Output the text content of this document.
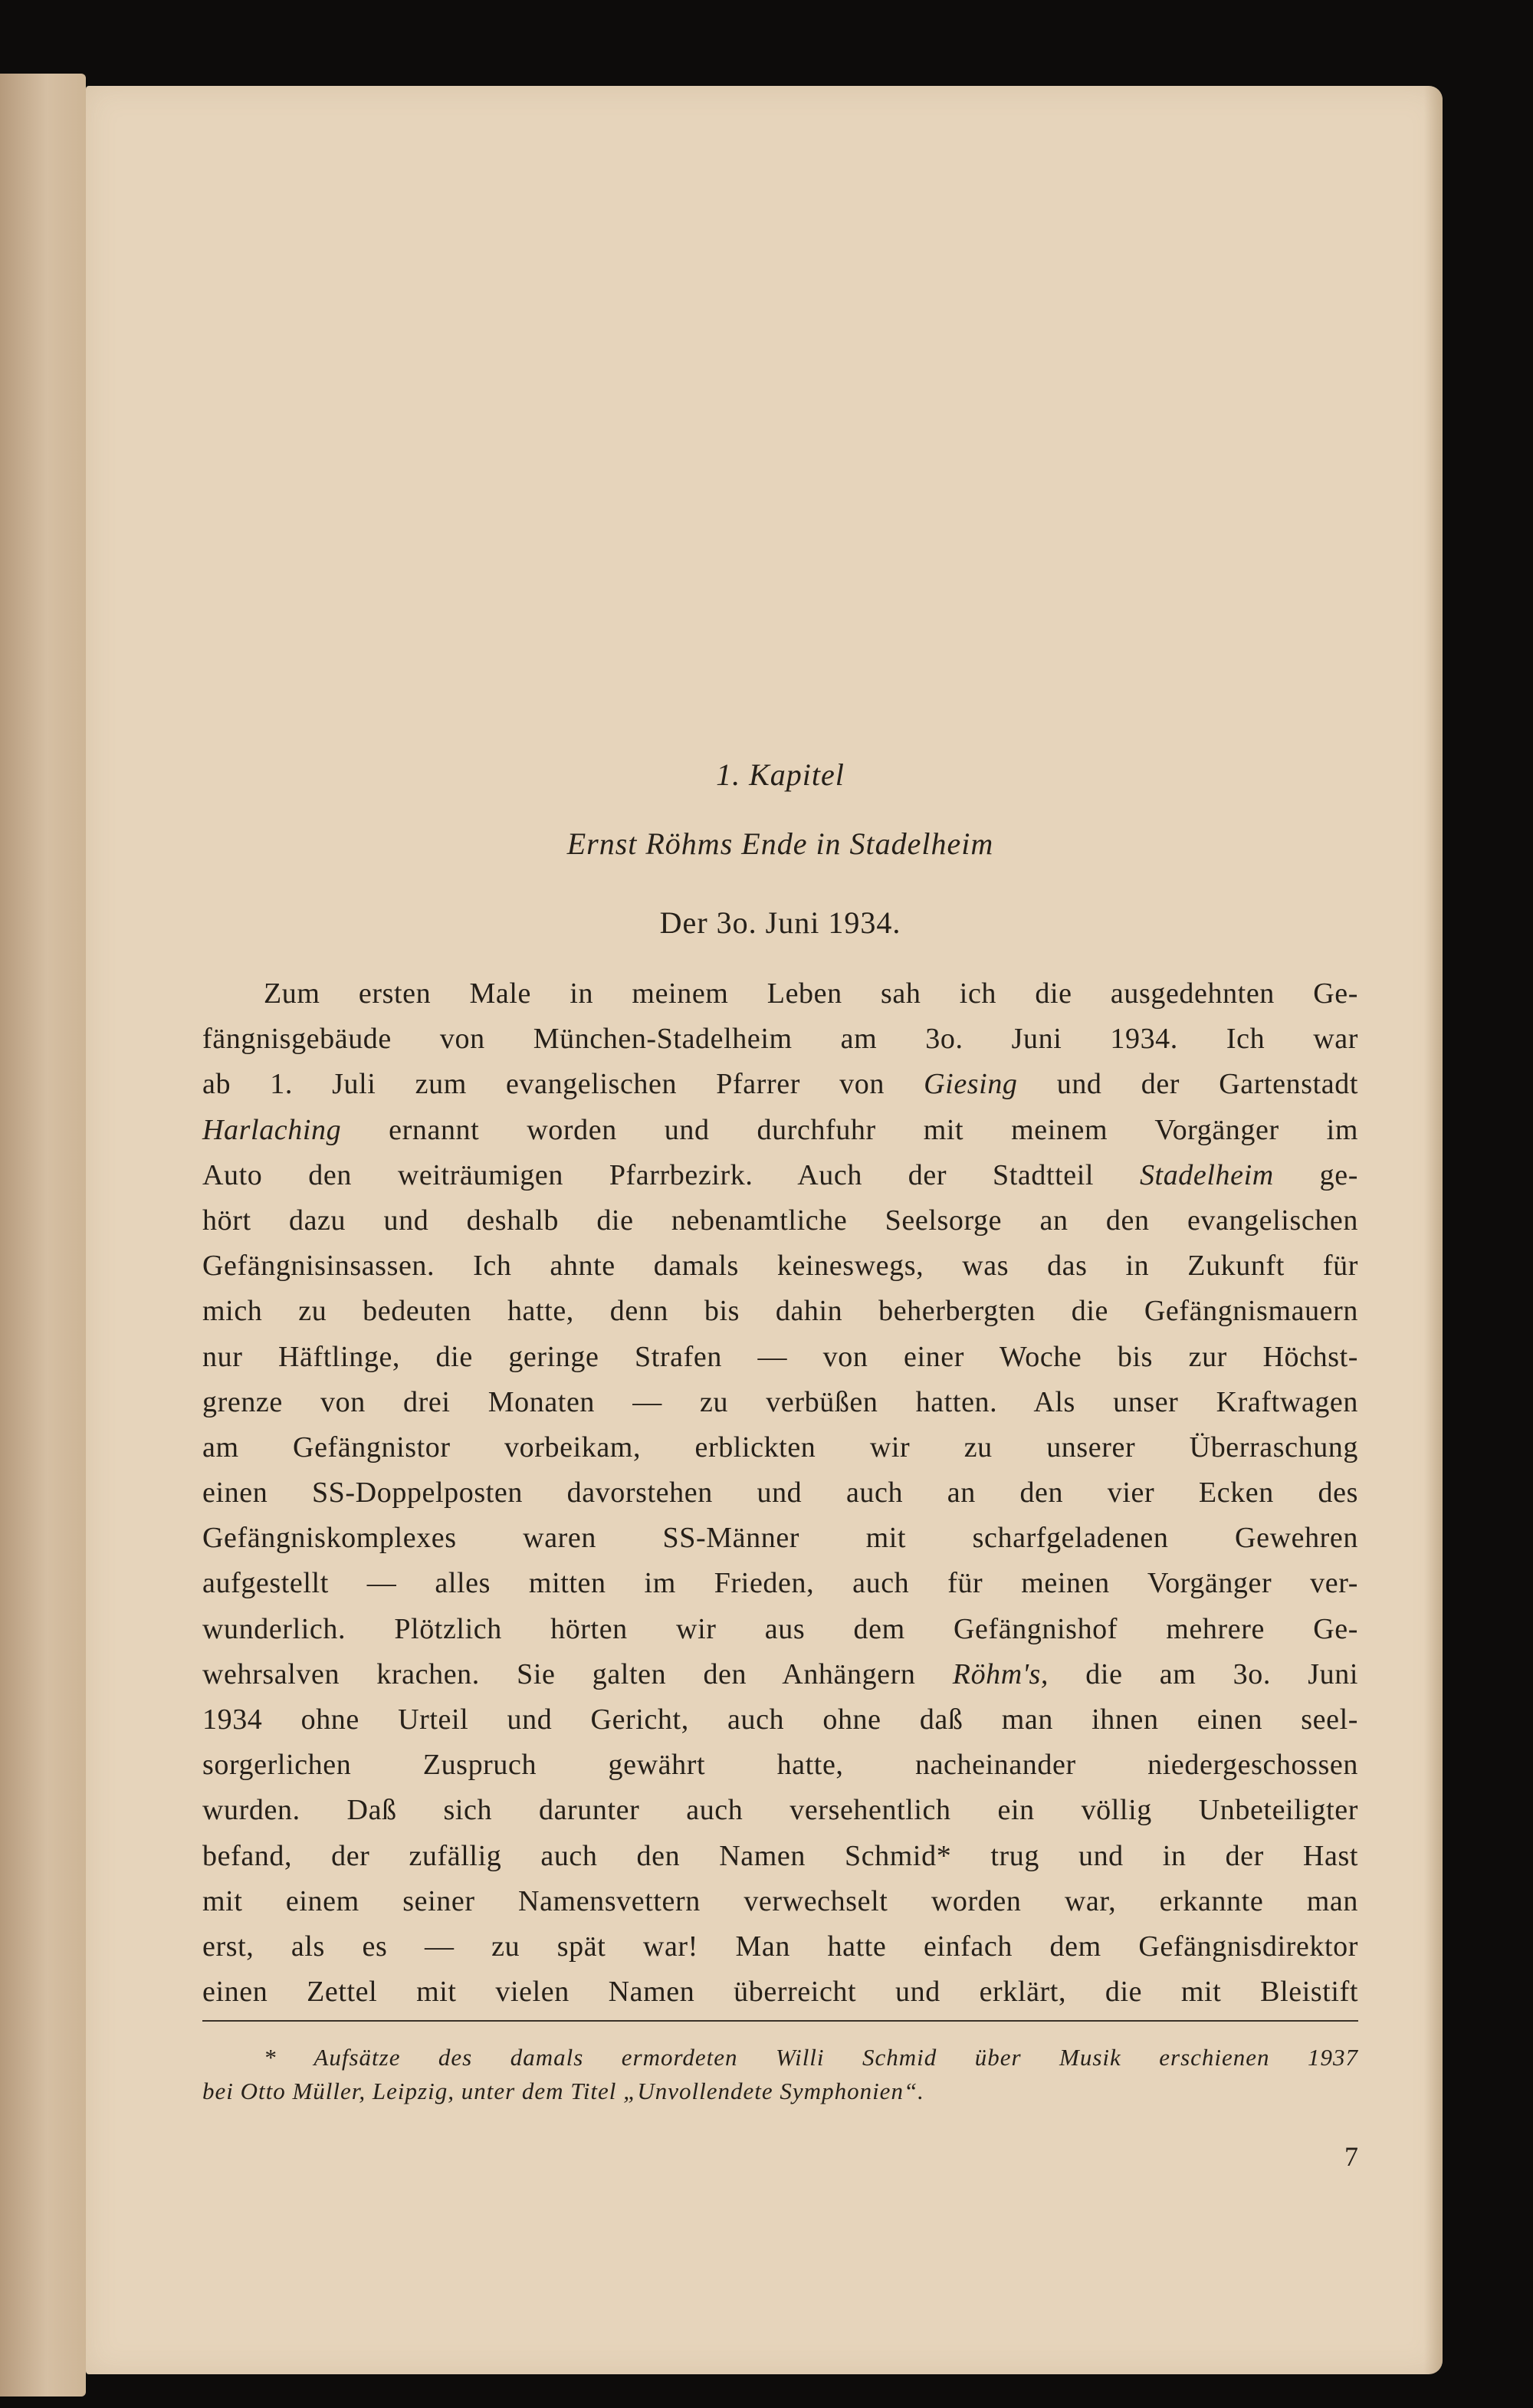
1. Kapitel

Ernst Röhms Ende in Stadelheim

Der 3o. Juni 1934.

Zum ersten Male in meinem Leben sah ich die ausgedehnten Ge-
fängnisgebäude von München-Stadelheim am 3o. Juni 1934. Ich war
ab 1. Juli zum evangelischen Pfarrer von Giesing und der Gartenstadt
Harlaching ernannt worden und durchfuhr mit meinem Vorgänger im
Auto den weiträumigen Pfarrbezirk. Auch der Stadtteil Stadelheim ge-
hört dazu und deshalb die nebenamtliche Seelsorge an den evangelischen
Gefängnisinsassen. Ich ahnte damals keineswegs, was das in Zukunft für
mich zu bedeuten hatte, denn bis dahin beherbergten die Gefängnismauern
nur Häftlinge, die geringe Strafen — von einer Woche bis zur Höchst-
grenze von drei Monaten — zu verbüßen hatten. Als unser Kraftwagen
am Gefängnistor vorbeikam, erblickten wir zu unserer Überraschung
einen SS-Doppelposten davorstehen und auch an den vier Ecken des
Gefängniskomplexes waren SS-Männer mit scharfgeladenen Gewehren
aufgestellt — alles mitten im Frieden, auch für meinen Vorgänger ver-
wunderlich. Plötzlich hörten wir aus dem Gefängnishof mehrere Ge-
wehrsalven krachen. Sie galten den Anhängern Röhm's, die am 3o. Juni
1934 ohne Urteil und Gericht, auch ohne daß man ihnen einen seel-
sorgerlichen Zuspruch gewährt hatte, nacheinander niedergeschossen
wurden. Daß sich darunter auch versehentlich ein völlig Unbeteiligter
befand, der zufällig auch den Namen Schmid* trug und in der Hast
mit einem seiner Namensvettern verwechselt worden war, erkannte man
erst, als es — zu spät war! Man hatte einfach dem Gefängnisdirektor
einen Zettel mit vielen Namen überreicht und erklärt, die mit Bleistift
* Aufsätze des damals ermordeten Willi Schmid über Musik erschienen 1937
bei Otto Müller, Leipzig, unter dem Titel „Unvollendete Symphonien“.

7
